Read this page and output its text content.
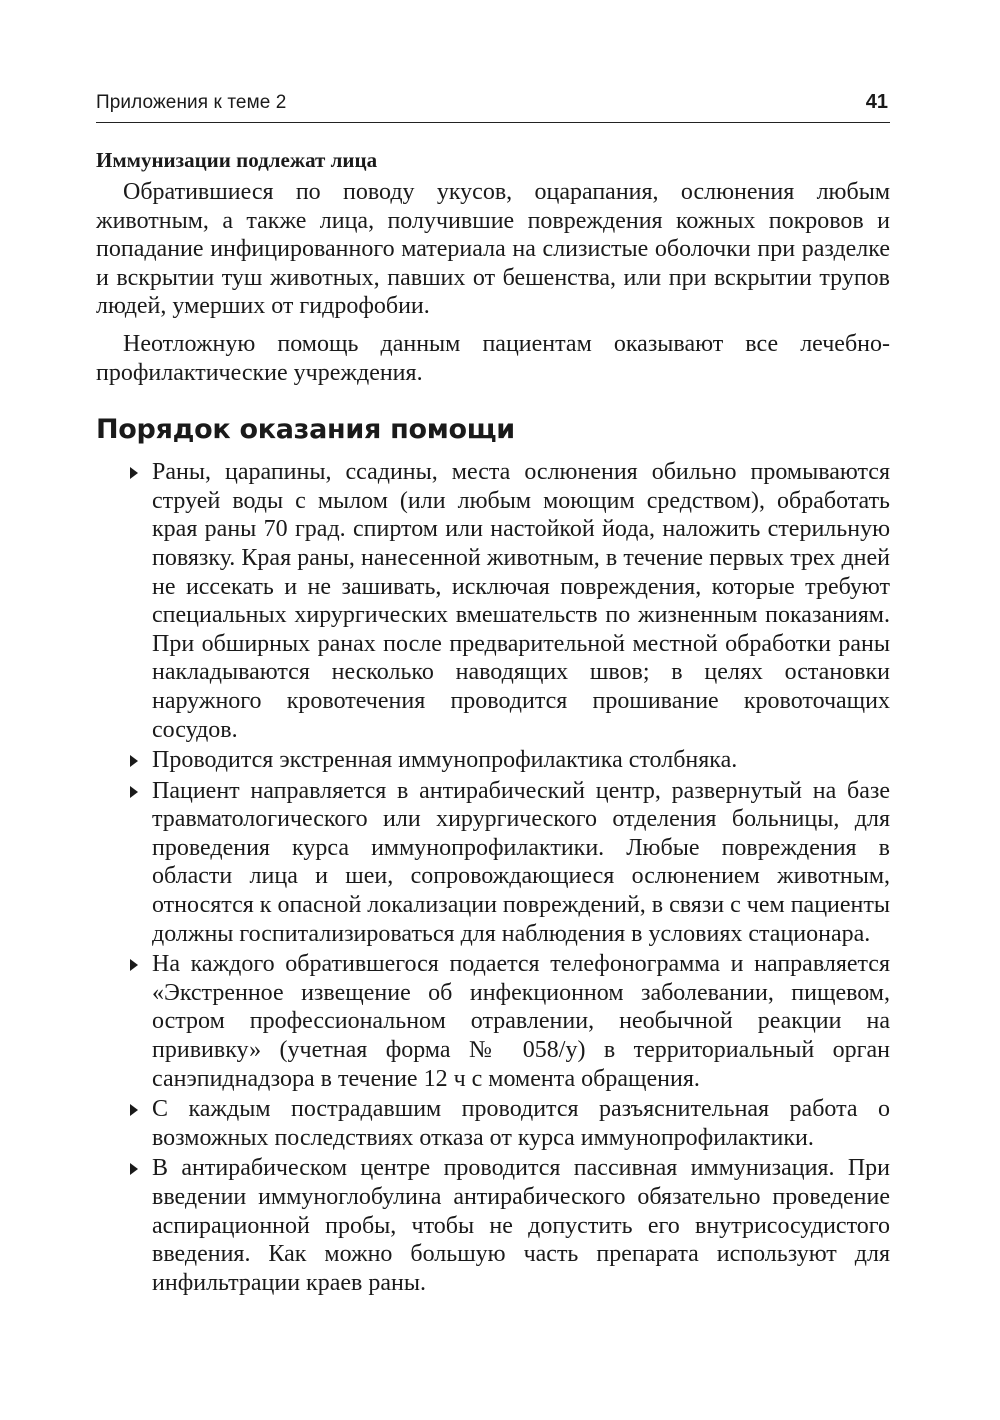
Приложения к теме 2	41
Иммунизации подлежат лица

Обратившиеся по поводу укусов, оцарапания, ослюнения любым животным, а также лица, получившие повреждения кожных покровов и попадание инфицированного материала на слизистые оболочки при разделке и вскрытии туш животных, павших от бешенства, или при вскрытии трупов людей, умерших от гидрофобии.

Неотложную помощь данным пациентам оказывают все лечебно-профилактические учреждения.

Порядок оказания помощи
Раны, царапины, ссадины, места ослюнения обильно промываются струей воды с мылом (или любым моющим средством), обработать края раны 70 град. спиртом или настойкой йода, наложить стерильную повязку. Края раны, нанесенной животным, в течение первых трех дней не иссекать и не зашивать, исключая повреждения, которые требуют специальных хирургических вмешательств по жизненным показаниям. При обширных ранах после предварительной местной обработки раны накладываются несколько наводящих швов; в целях остановки наружного кровотечения проводится прошивание кровоточащих сосудов.
Проводится экстренная иммунопрофилактика столбняка.
Пациент направляется в антирабический центр, развернутый на базе травматологического или хирургического отделения больницы, для проведения курса иммунопрофилактики. Любые повреждения в области лица и шеи, сопровождающиеся ослюнением животным, относятся к опасной локализации повреждений, в связи с чем пациенты должны госпитализироваться для наблюдения в условиях стационара.
На каждого обратившегося подается телефонограмма и направляется «Экстренное извещение об инфекционном заболевании, пищевом, остром профессиональном отравлении, необычной реакции на прививку» (учетная форма № 058/у) в территориальный орган санэпиднадзора в течение 12 ч с момента обращения.
С каждым пострадавшим проводится разъяснительная работа о возможных последствиях отказа от курса иммунопрофилактики.
В антирабическом центре проводится пассивная иммунизация. При введении иммуноглобулина антирабического обязательно проведение аспирационной пробы, чтобы не допустить его внутрисосудистого введения. Как можно большую часть препарата используют для инфильтрации краев раны.
